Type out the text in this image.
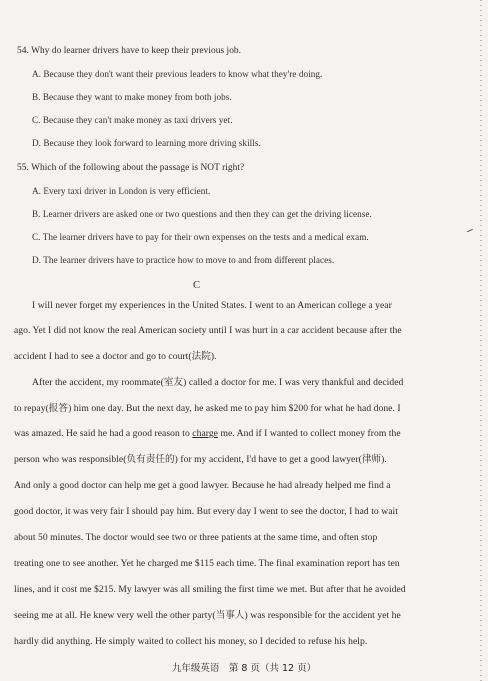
54. Why do learner drivers have to keep their previous job.
A. Because they don't want their previous leaders to know what they're doing.
B. Because they want to make money from both jobs.
C. Because they can't make money as taxi drivers yet.
D. Because they look forward to learning more driving skills.
55. Which of the following about the passage is NOT right?
A. Every taxi driver in London is very efficient.
B. Learner drivers are asked one or two questions and then they can get the driving license.
C. The learner drivers have to pay for their own expenses on the tests and a medical exam.
D. The learner drivers have to practice how to move to and from different places.
C
I will never forget my experiences in the United States. I went to an American college a year
ago. Yet I did not know the real American society until I was hurt in a car accident because after the
accident I had to see a doctor and go to court(法院).
After the accident, my roommate(室友) called a doctor for me. I was very thankful and decided
to repay(报答) him one day. But the next day, he asked me to pay him $200 for what he had done. I
was amazed. He said he had a good reason to charge me. And if I wanted to collect money from the
person who was responsible(负有责任的) for my accident, I'd have to get a good lawyer(律师).
And only a good doctor can help me get a good lawyer. Because he had already helped me find a
good doctor, it was very fair I should pay him. But every day I went to see the doctor, I had to wait
about 50 minutes. The doctor would see two or three patients at the same time, and often stop
treating one to see another. Yet he charged me $115 each time. The final examination report has ten
lines, and it cost me $215. My lawyer was all smiling the first time we met. But after that he avoided
seeing me at all. He knew very well the other party(当事人) was responsible for the accident yet he
hardly did anything. He simply waited to collect his money, so I decided to refuse his help.
九年级英语　第 8 页（共 12 页）
